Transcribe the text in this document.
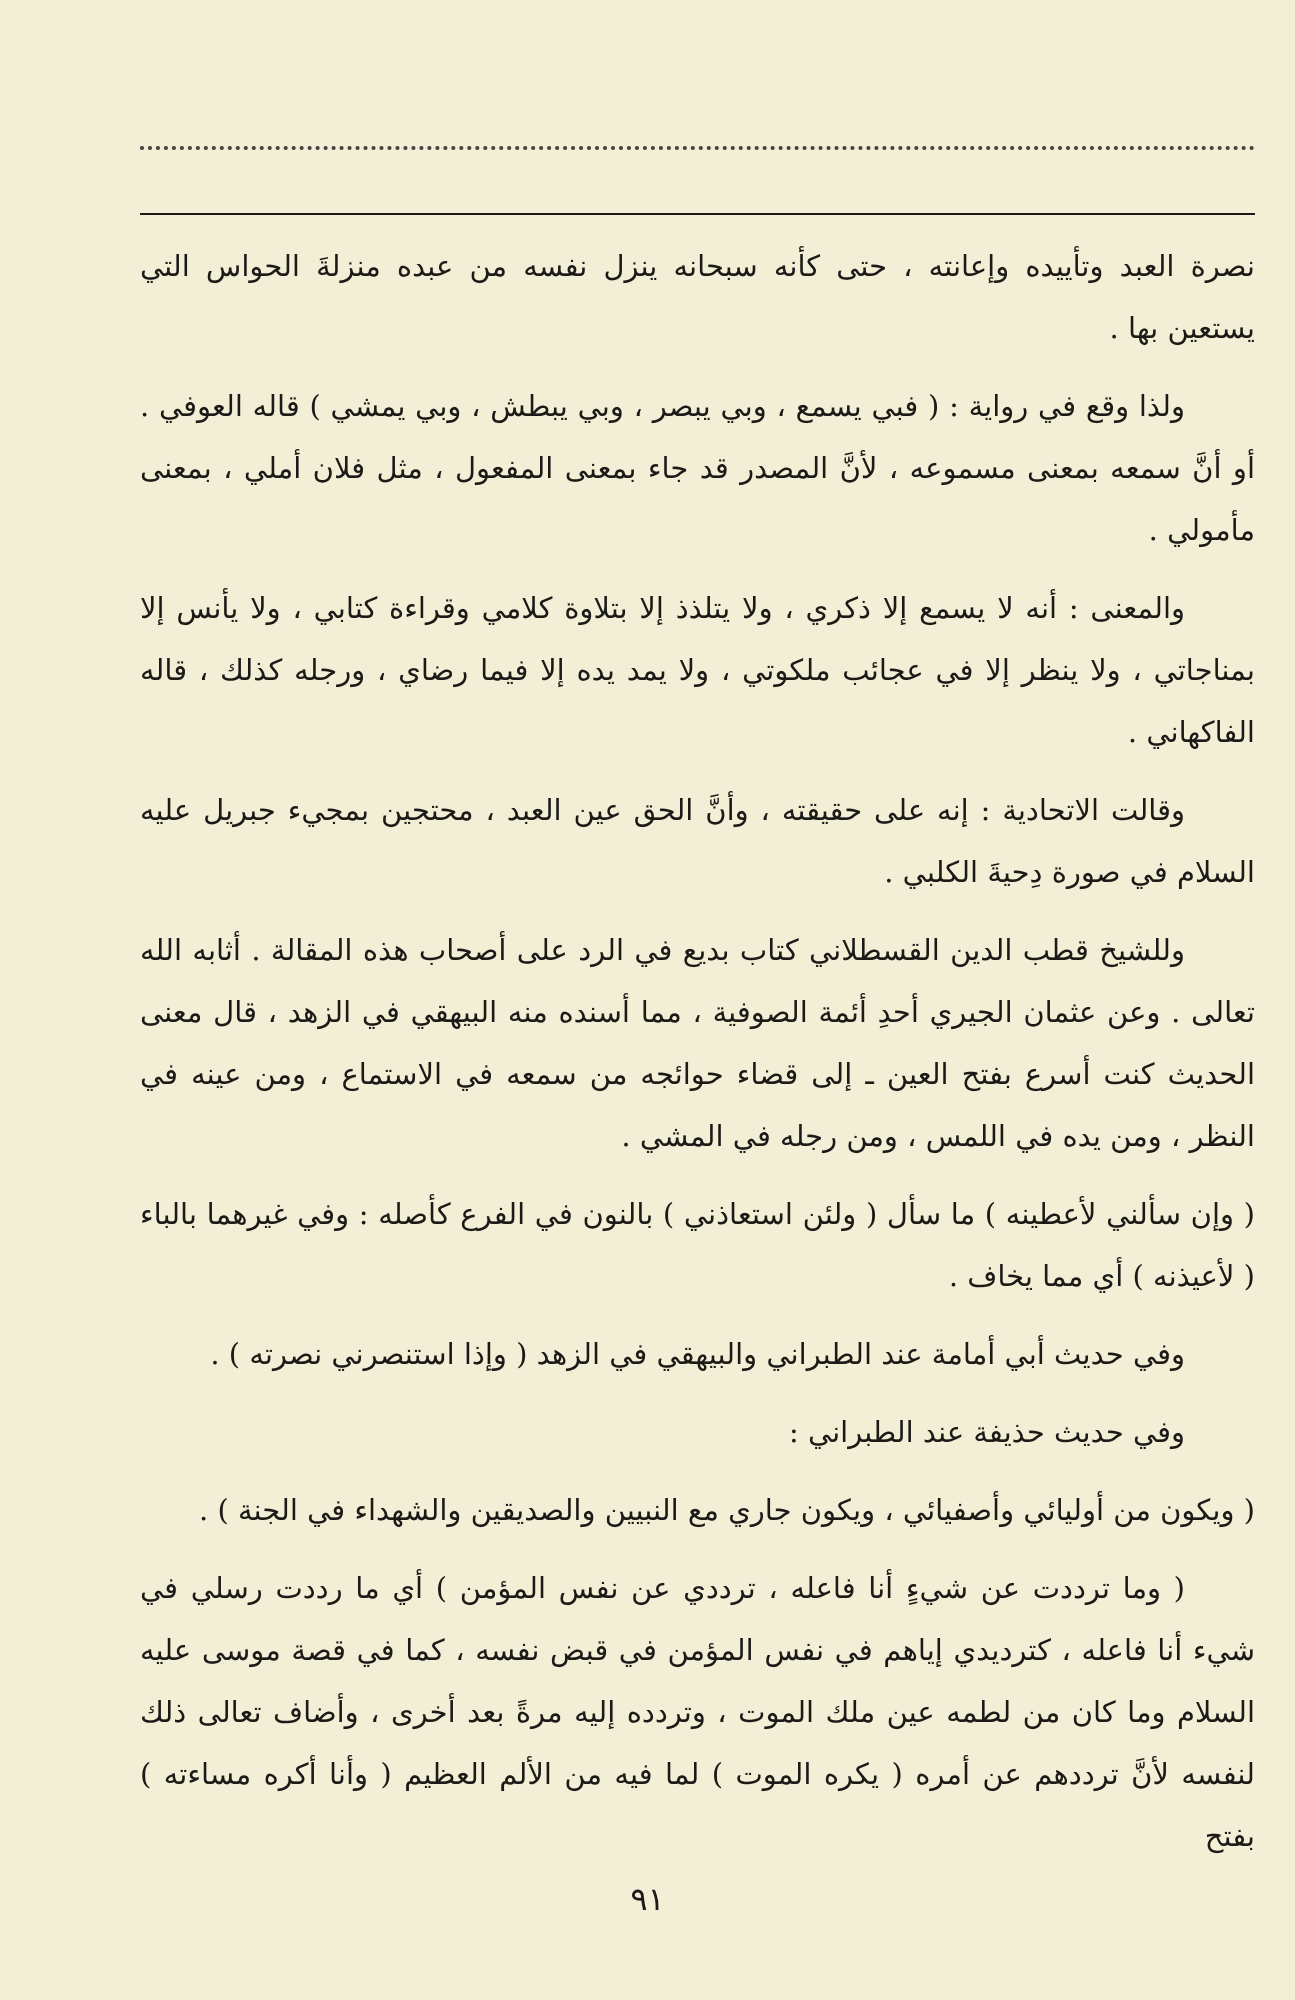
نصرة العبد وتأييده وإعانته ، حتى كأنه سبحانه ينزل نفسه من عبده منزلةَ الحواس التي يستعين بها .

ولذا وقع في رواية : ( فبي يسمع ، وبي يبصر ، وبي يبطش ، وبي يمشي ) قاله العوفي . أو أنَّ سمعه بمعنى مسموعه ، لأنَّ المصدر قد جاء بمعنى المفعول ، مثل فلان أملي ، بمعنى مأمولي .

والمعنى : أنه لا يسمع إلا ذكري ، ولا يتلذذ إلا بتلاوة كلامي وقراءة كتابي ، ولا يأنس إلا بمناجاتي ، ولا ينظر إلا في عجائب ملكوتي ، ولا يمد يده إلا فيما رضاي ، ورجله كذلك ، قاله الفاكهاني .

وقالت الاتحادية : إنه على حقيقته ، وأنَّ الحق عين العبد ، محتجين بمجيء جبريل عليه السلام في صورة دِحيةَ الكلبي .

وللشيخ قطب الدين القسطلاني كتاب بديع في الرد على أصحاب هذه المقالة . أثابه الله تعالى . وعن عثمان الجيري أحدِ أئمة الصوفية ، مما أسنده منه البيهقي في الزهد ، قال معنى الحديث كنت أسرع بفتح العين ـ إلى قضاء حوائجه من سمعه في الاستماع ، ومن عينه في النظر ، ومن يده في اللمس ، ومن رجله في المشي .

( وإن سألني لأعطينه ) ما سأل ( ولئن استعاذني ) بالنون في الفرع كأصله : وفي غيرهما بالباء ( لأعيذنه ) أي مما يخاف .

وفي حديث أبي أمامة عند الطبراني والبيهقي في الزهد ( وإذا استنصرني نصرته ) .

وفي حديث حذيفة عند الطبراني :

( ويكون من أوليائي وأصفيائي ، ويكون جاري مع النبيين والصديقين والشهداء في الجنة ) .

( وما ترددت عن شيءٍ أنا فاعله ، ترددي عن نفس المؤمن ) أي ما رددت رسلي في شيء أنا فاعله ، كترديدي إياهم في نفس المؤمن في قبض نفسه ، كما في قصة موسى عليه السلام وما كان من لطمه عين ملك الموت ، وتردده إليه مرةً بعد أخرى ، وأضاف تعالى ذلك لنفسه لأنَّ ترددهم عن أمره ( يكره الموت ) لما فيه من الألم العظيم ( وأنا أكره مساءته ) بفتح

٩١
